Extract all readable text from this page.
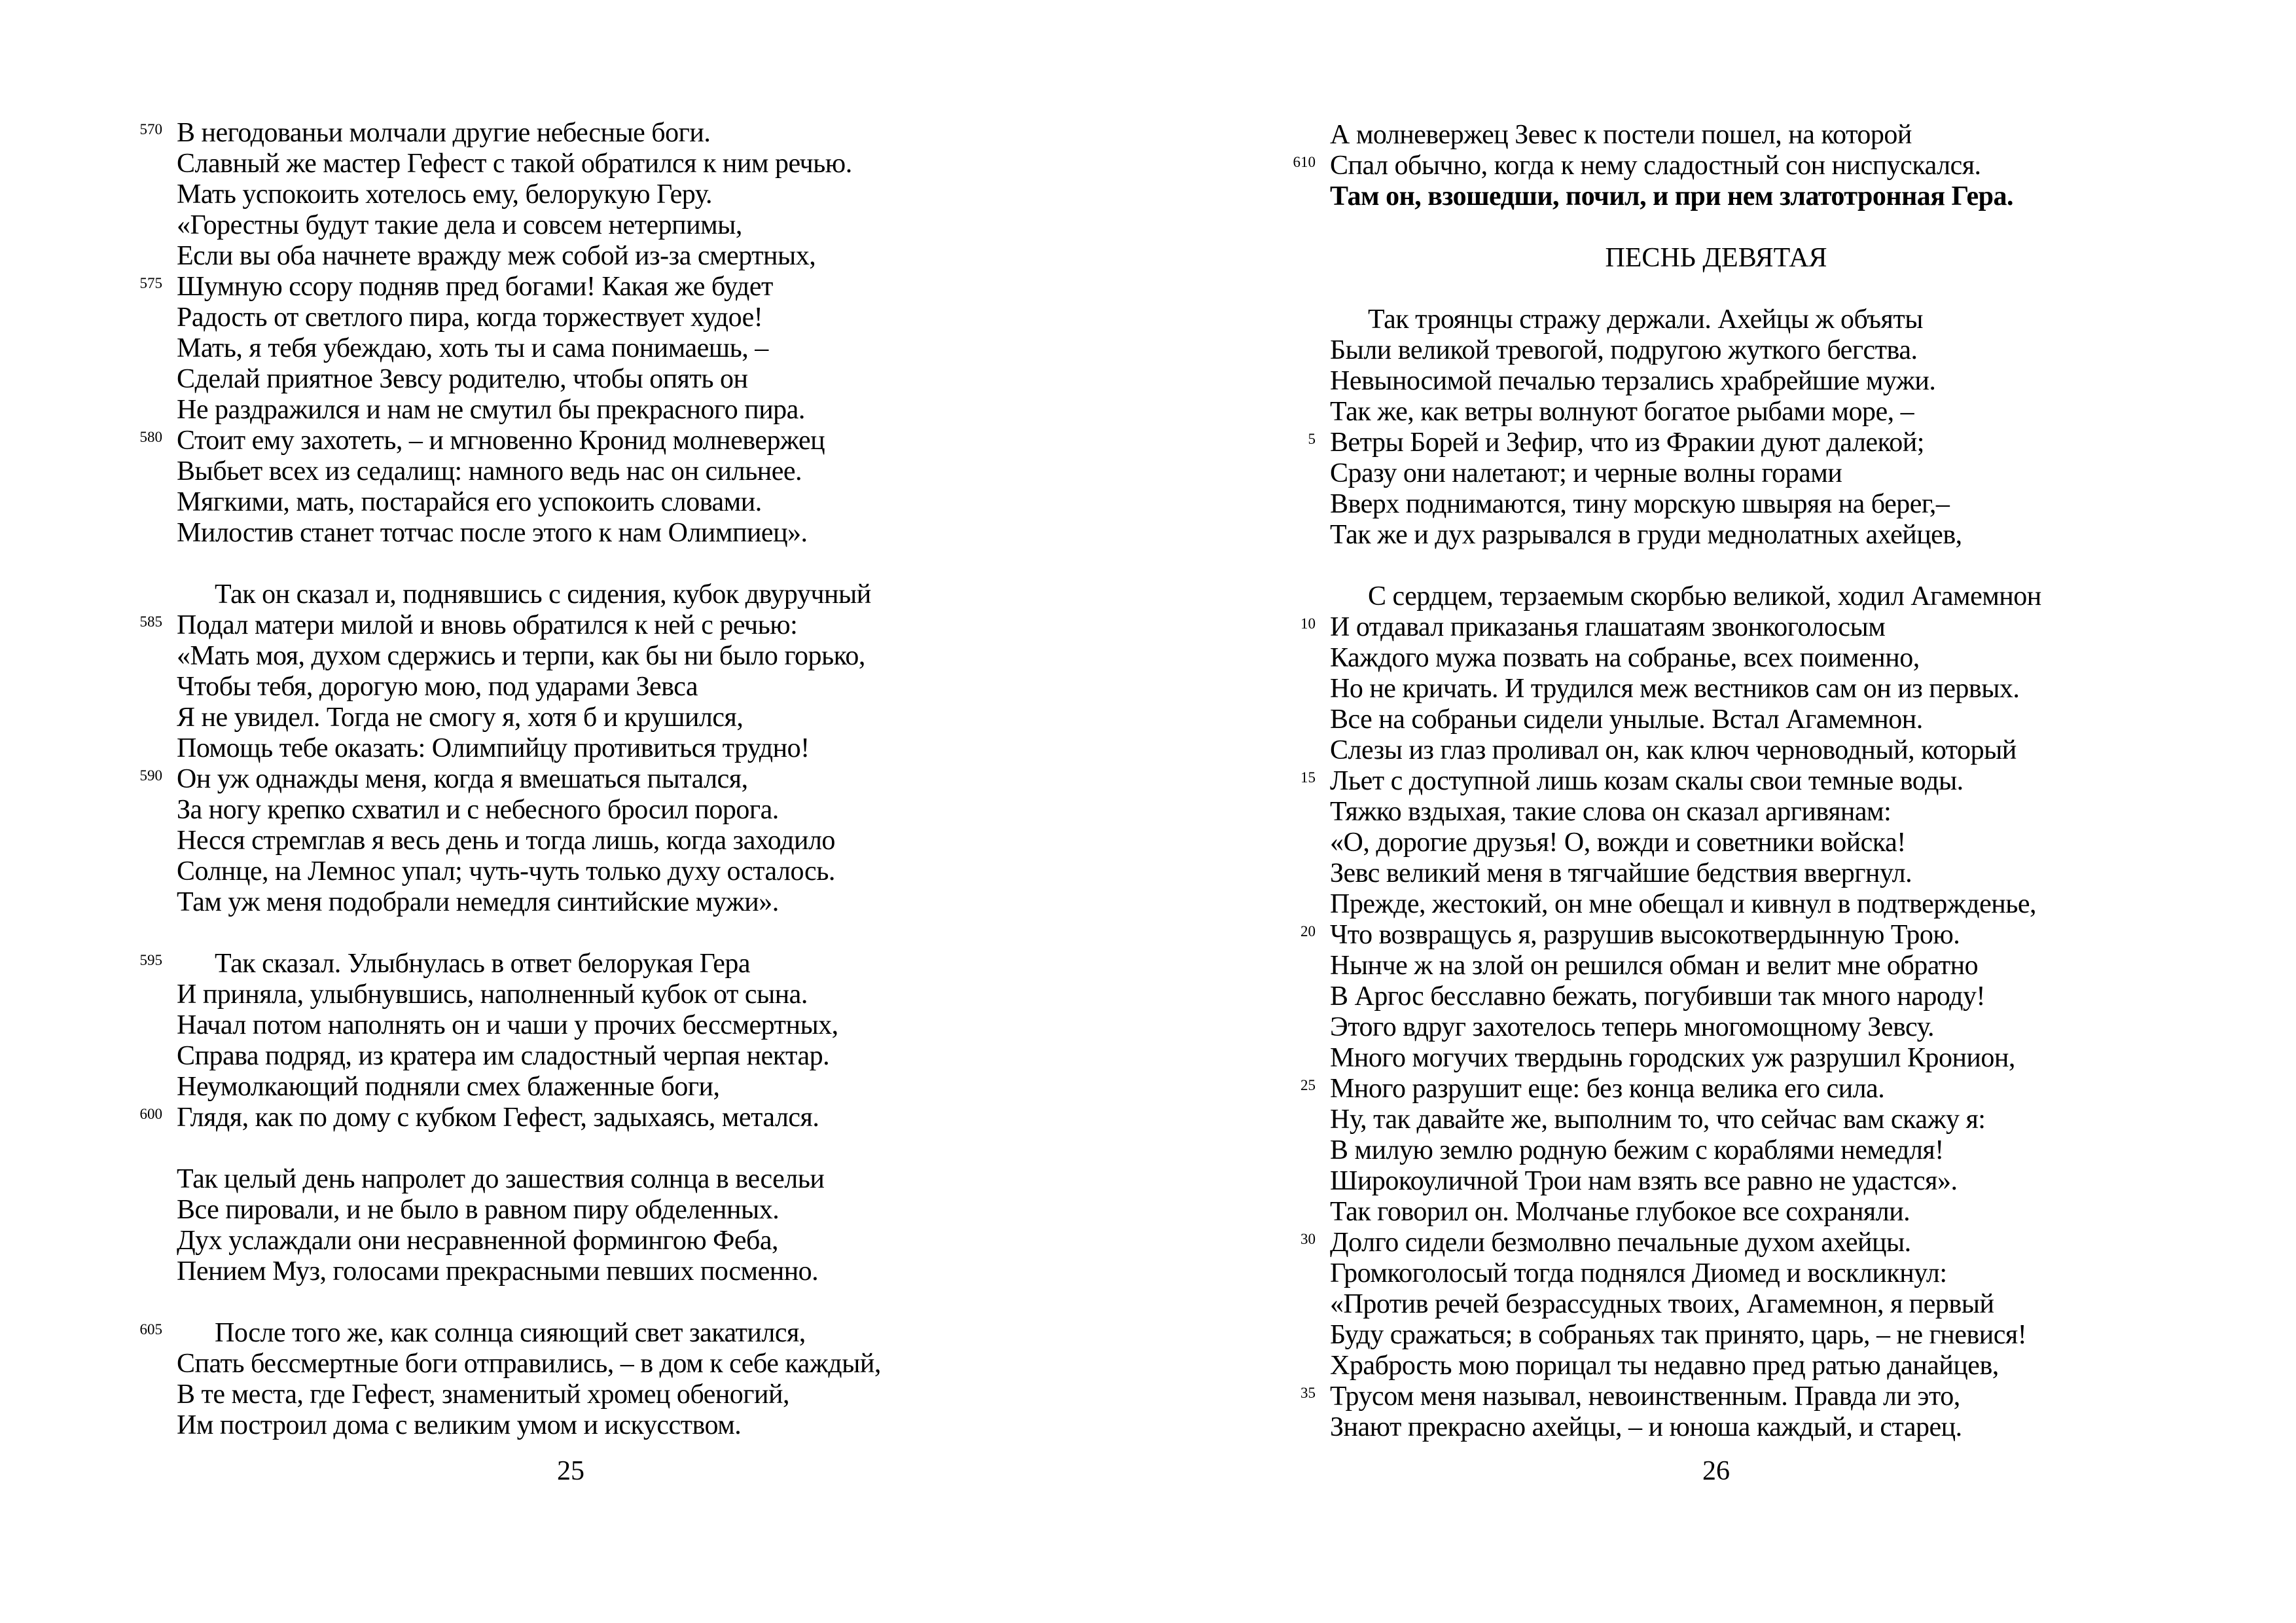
570 В негодованьи молчали другие небесные боги.
Славный же мастер Гефест с такой обратился к ним речью.
Мать успокоить хотелось ему, белорукую Геру.
«Горестны будут такие дела и совсем нетерпимы,
Если вы оба начнете вражду меж собой из-за смертных,
575 Шумную ссору подняв пред богами! Какая же будет
Радость от светлого пира, когда торжествует худое!
Мать, я тебя убеждаю, хоть ты и сама понимаешь, –
Сделай приятное Зевсу родителю, чтобы опять он
Не раздражился и нам не смутил бы прекрасного пира.
580 Стоит ему захотеть, – и мгновенно Кронид молневержец
Выбьет всех из седалищ: намного ведь нас он сильнее.
Мягкими, мать, постарайся его успокоить словами.
Милостив станет тотчас после этого к нам Олимпиец».
Так он сказал и, поднявшись с сидения, кубок двуручный
585 Подал матери милой и вновь обратился к ней с речью:
«Мать моя, духом сдержись и терпи, как бы ни было горько,
Чтобы тебя, дорогую мою, под ударами Зевса
Я не увидел. Тогда не смогу я, хотя б и крушился,
Помощь тебе оказать: Олимпийцу противиться трудно!
590 Он уж однажды меня, когда я вмешаться пытался,
За ногу крепко схватил и с небесного бросил порога.
Несся стремглав я весь день и тогда лишь, когда заходило
Солнце, на Лемнос упал; чуть-чуть только духу осталось.
Там уж меня подобрали немедля синтийские мужи».
595 Так сказал. Улыбнулась в ответ белорукая Гера
И приняла, улыбнувшись, наполненный кубок от сына.
Начал потом наполнять он и чаши у прочих бессмертных,
Справа подряд, из кратера им сладостный черпая нектар.
Неумолкающий подняли смех блаженные боги,
600 Глядя, как по дому с кубком Гефест, задыхаясь, метался.
Так целый день напролет до зашествия солнца в весельи
Все пировали, и не было в равном пиру обделенных.
Дух услаждали они несравненной формингою Феба,
Пением Муз, голосами прекрасными певших посменно.
605 После того же, как солнца сияющий свет закатился,
Спать бессмертные боги отправились, – в дом к себе каждый,
В те места, где Гефест, знаменитый хромец обеногий,
Им построил дома с великим умом и искусством.
А молневержец Зевес к постели пошел, на которой
610 Спал обычно, когда к нему сладостный сон ниспускался.
Там он, взошедши, почил, и при нем златотронная Гера.
ПЕСНЬ ДЕВЯТАЯ
Так троянцы стражу держали. Ахейцы ж объяты
Были великой тревогой, подругою жуткого бегства.
Невыносимой печалью терзались храбрейшие мужи.
Так же, как ветры волнуют богатое рыбами море, –
5 Ветры Борей и Зефир, что из Фракии дуют далекой;
Сразу они налетают; и черные волны горами
Вверх поднимаются, тину морскую швыряя на берег,–
Так же и дух разрывался в груди меднолатных ахейцев,
С сердцем, терзаемым скорбью великой, ходил Агамемнон
10 И отдавал приказанья глашатаям звонкоголосым
Каждого мужа позвать на собранье, всех поименно,
Но не кричать. И трудился меж вестников сам он из первых.
Все на собраньи сидели унылые. Встал Агамемнон.
Слезы из глаз проливал он, как ключ черноводный, который
15 Льет с доступной лишь козам скалы свои темные воды.
Тяжко вздыхая, такие слова он сказал аргивянам:
«О, дорогие друзья! О, вожди и советники войска!
Зевс великий меня в тягчайшие бедствия ввергнул.
Прежде, жестокий, он мне обещал и кивнул в подтвержденье,
20 Что возвращусь я, разрушив высокотвердынную Трою.
Нынче ж на злой он решился обман и велит мне обратно
В Аргос бесславно бежать, погубивши так много народу!
Этого вдруг захотелось теперь многомощному Зевсу.
Много могучих твердынь городских уж разрушил Кронион,
25 Много разрушит еще: без конца велика его сила.
Ну, так давайте же, выполним то, что сейчас вам скажу я:
В милую землю родную бежим с кораблями немедля!
Широкоуличной Трои нам взять все равно не удастся».
Так говорил он. Молчанье глубокое все сохраняли.
30 Долго сидели безмолвно печальные духом ахейцы.
Громкоголосый тогда поднялся Диомед и воскликнул:
«Против речей безрассудных твоих, Агамемнон, я первый
Буду сражаться; в собраньях так принято, царь, – не гневися!
Храбрость мою порицал ты недавно пред ратью данайцев,
35 Трусом меня называл, невоинственным. Правда ли это,
Знают прекрасно ахейцы, – и юноша каждый, и старец.
25	26
